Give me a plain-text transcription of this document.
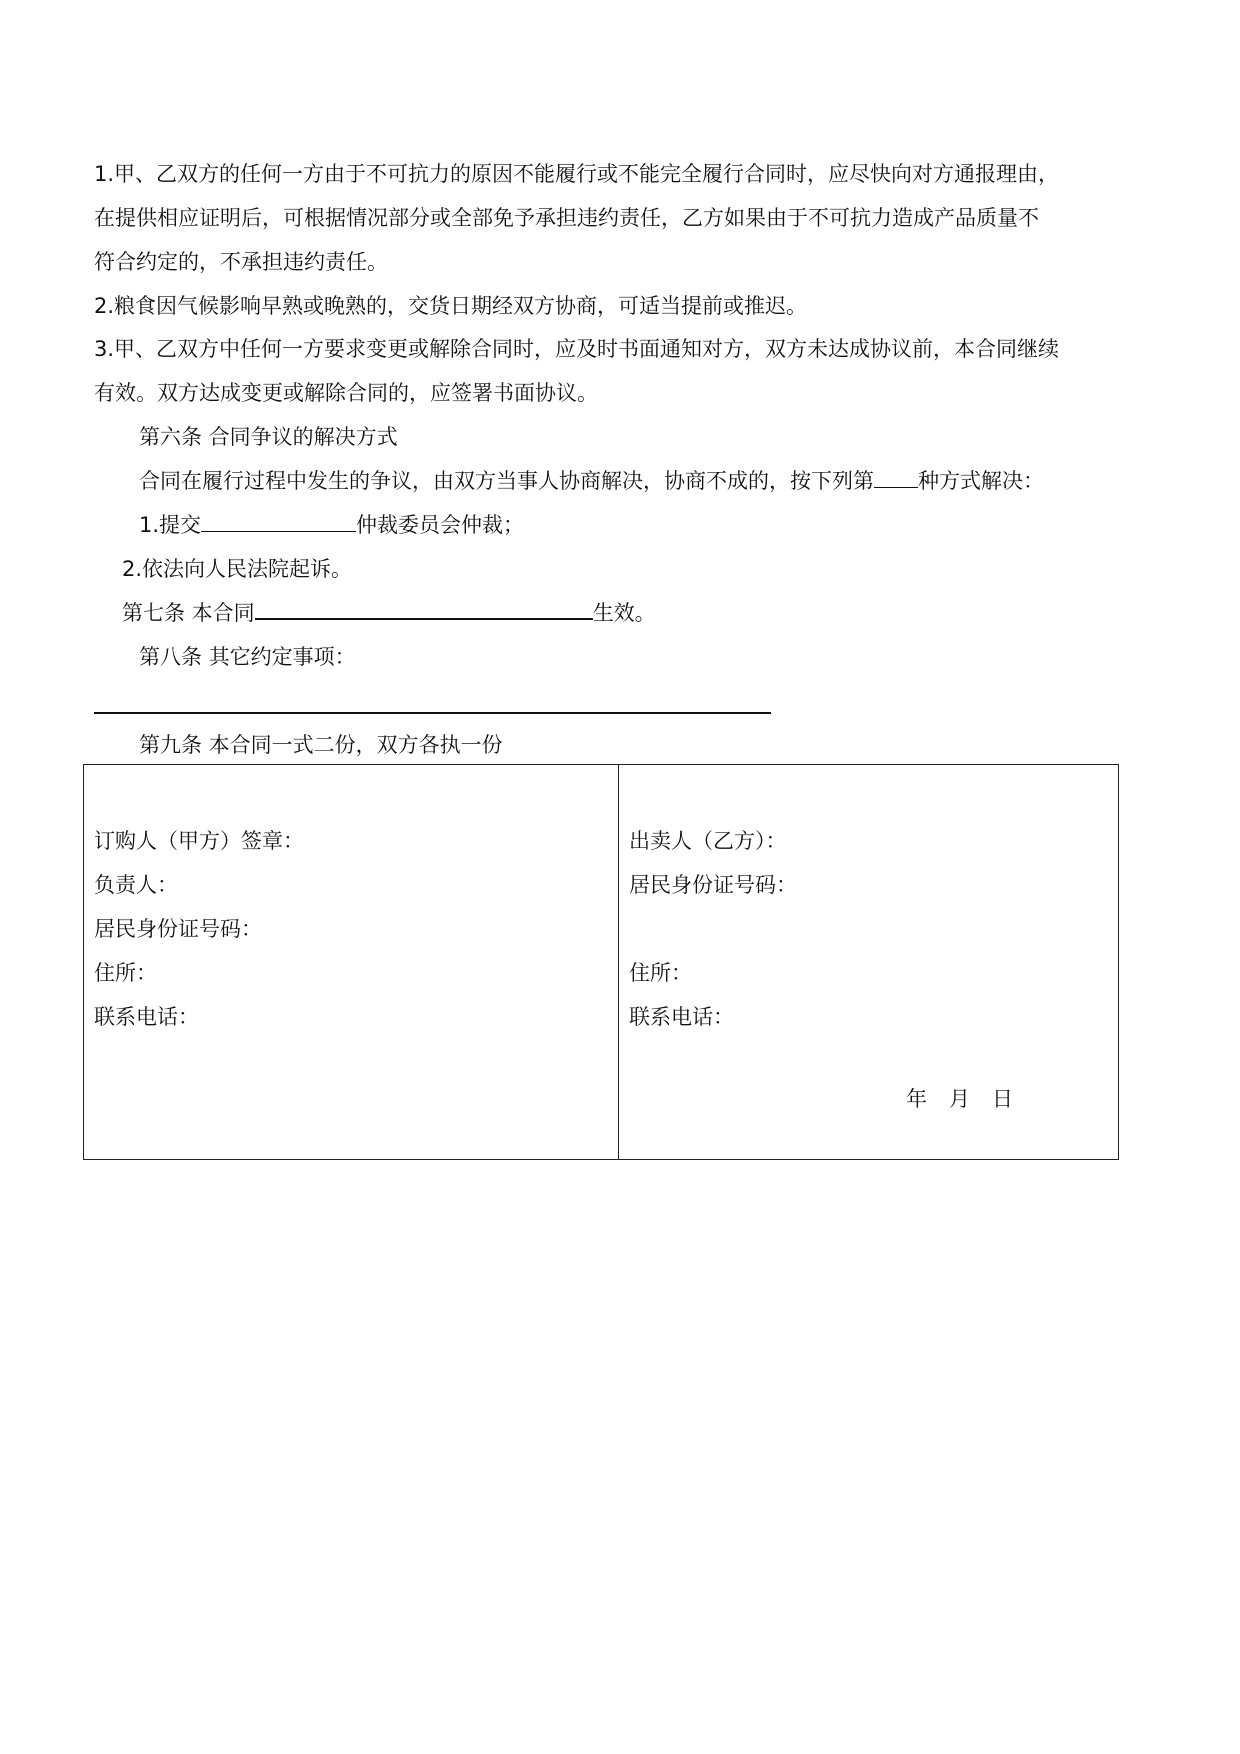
1.甲、乙双方的任何一方由于不可抗力的原因不能履行或不能完全履行合同时，应尽快向对方通报理由，
在提供相应证明后，可根据情况部分或全部免予承担违约责任，乙方如果由于不可抗力造成产品质量不
符合约定的，不承担违约责任。
2.粮食因气候影响早熟或晚熟的，交货日期经双方协商，可适当提前或推迟。
3.甲、乙双方中任何一方要求变更或解除合同时，应及时书面通知对方，双方未达成协议前，本合同继续
有效。双方达成变更或解除合同的，应签署书面协议。
第六条 合同争议的解决方式
合同在履行过程中发生的争议，由双方当事人协商解决，协商不成的，按下列第 种方式解决：
1.提交	仲裁委员会仲裁；
2.依法向人民法院起诉。
第七条 本合同	生效。
第八条 其它约定事项：
第九条 本合同一式二份，双方各执一份
订购人（甲方）签章：
负责人：
居民身份证号码：
住所：
联系电话：
出卖人（乙方）：
居民身份证号码：
住所：
联系电话：
年 月 日
